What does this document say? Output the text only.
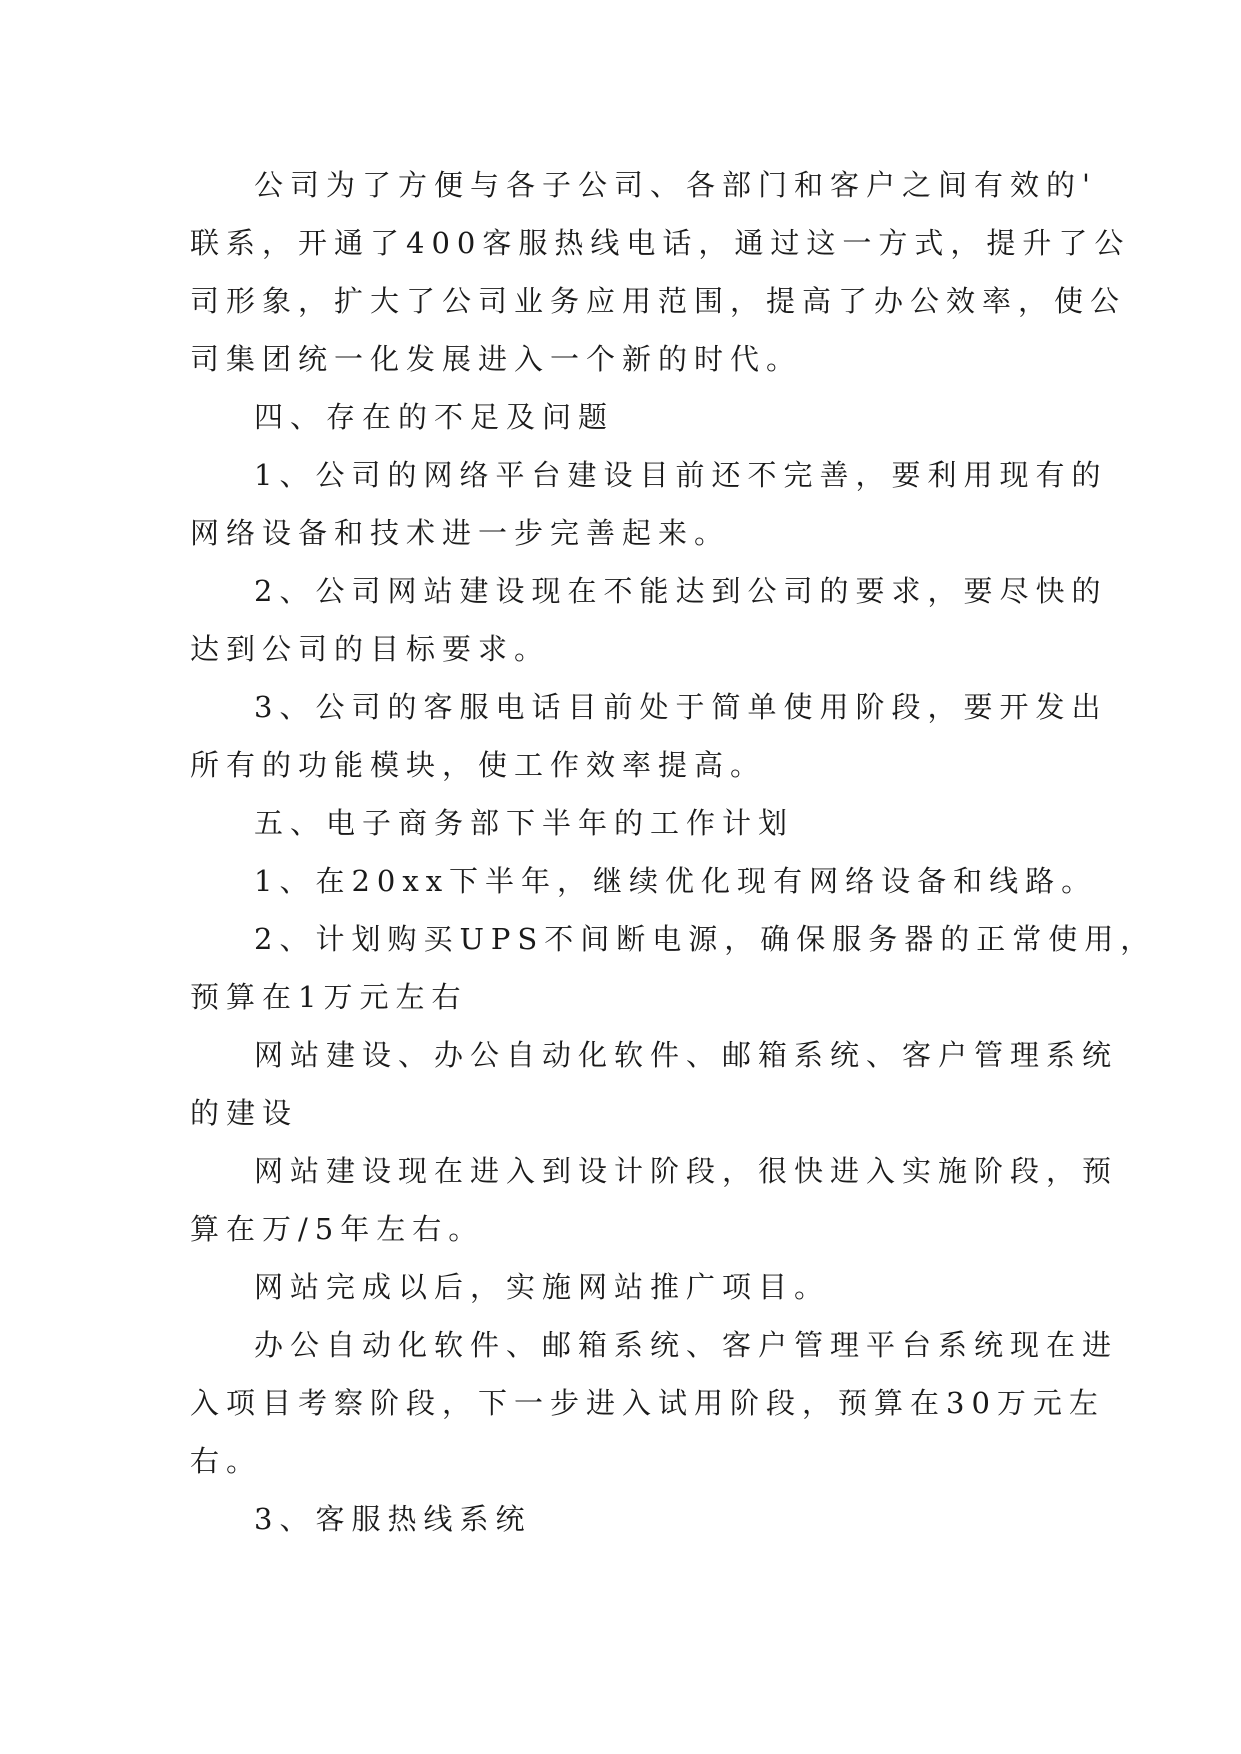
公司为了方便与各子公司、各部门和客户之间有效的'
联系，开通了400客服热线电话，通过这一方式，提升了公
司形象，扩大了公司业务应用范围，提高了办公效率，使公
司集团统一化发展进入一个新的时代。
四、存在的不足及问题
1、公司的网络平台建设目前还不完善，要利用现有的
网络设备和技术进一步完善起来。
2、公司网站建设现在不能达到公司的要求，要尽快的
达到公司的目标要求。
3、公司的客服电话目前处于简单使用阶段，要开发出
所有的功能模块，使工作效率提高。
五、电子商务部下半年的工作计划
1、在20xx下半年，继续优化现有网络设备和线路。
2、计划购买UPS不间断电源，确保服务器的正常使用，
预算在1万元左右
网站建设、办公自动化软件、邮箱系统、客户管理系统
的建设
网站建设现在进入到设计阶段，很快进入实施阶段，预
算在万/5年左右。
网站完成以后，实施网站推广项目。
办公自动化软件、邮箱系统、客户管理平台系统现在进
入项目考察阶段，下一步进入试用阶段，预算在30万元左
右。
3、客服热线系统
